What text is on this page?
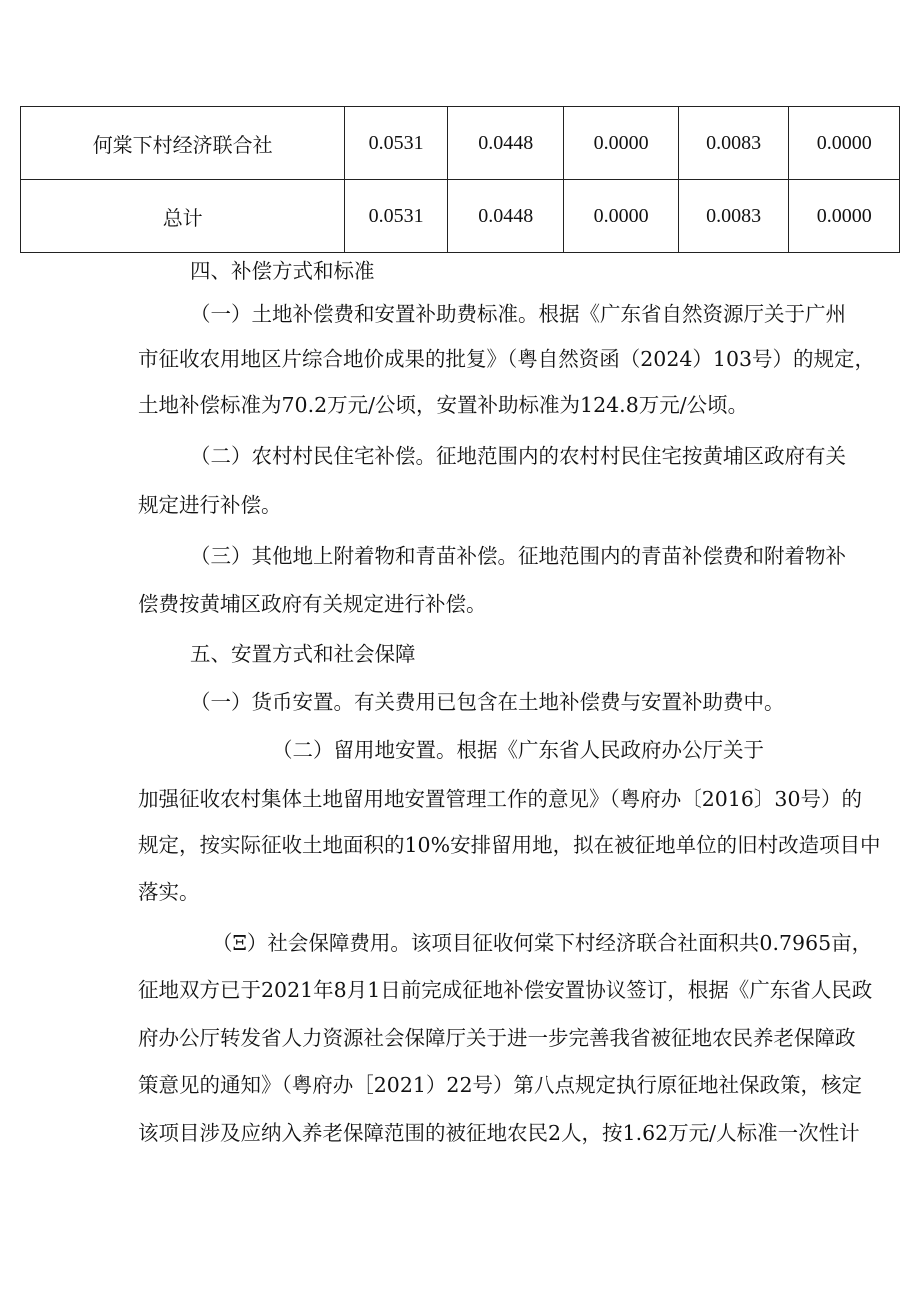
何棠下村经济联合社	0.0531	0.0448	0.0000	0.0083	0.0000
总计	0.0531	0.0448	0.0000	0.0083	0.0000
四、补偿方式和标准
（一）土地补偿费和安置补助费标准。根据《广东省自然资源厅关于广州
市征收农用地区片综合地价成果的批复》（粤自然资函（2024）103号）的规定，
土地补偿标准为70.2万元/公顷，安置补助标准为124.8万元/公顷。
（二）农村村民住宅补偿。征地范围内的农村村民住宅按黄埔区政府有关
规定进行补偿。
（三）其他地上附着物和青苗补偿。征地范围内的青苗补偿费和附着物补
偿费按黄埔区政府有关规定进行补偿。
五、安置方式和社会保障
（一）货币安置。有关费用已包含在土地补偿费与安置补助费中。
（二）留用地安置。根据《广东省人民政府办公厅关于
加强征收农村集体土地留用地安置管理工作的意见》（粤府办〔2016〕30号）的
规定，按实际征收土地面积的10%安排留用地，拟在被征地单位的旧村改造项目中
落实。
（Ξ）社会保障费用。该项目征收何棠下村经济联合社面积共0.7965亩，
征地双方已于2021年8月1日前完成征地补偿安置协议签订，根据《广东省人民政
府办公厅转发省人力资源社会保障厅关于进一步完善我省被征地农民养老保障政
策意见的通知》（粤府办［2021）22号）第八点规定执行原征地社保政策，核定
该项目涉及应纳入养老保障范围的被征地农民2人，按1.62万元/人标准一次性计
